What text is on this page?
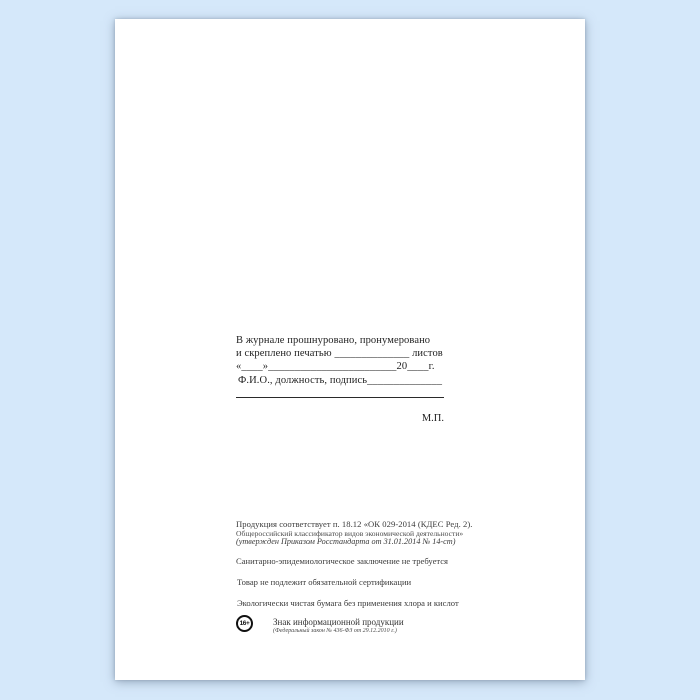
В журнале прошнуровано, пронумеровано
и скреплено печатью ______________ листов
«____»________________________20____г.
Ф.И.О., должность, подпись______________
М.П.
Продукция соответствует п. 18.12 «ОК 029-2014 (КДЕС Ред. 2).
Общероссийский классификатор видов экономической деятельности»
(утвержден Приказом Росстандарта от 31.01.2014 № 14-ст)
Санитарно-эпидемиологическое заключение не требуется
Товар не подлежит обязательной сертификации
Экологически чистая бумага без применения хлора и кислот
16+	Знак информационной продукции
(Федеральный закон № 436-ФЗ от 29.12.2010 г.)
